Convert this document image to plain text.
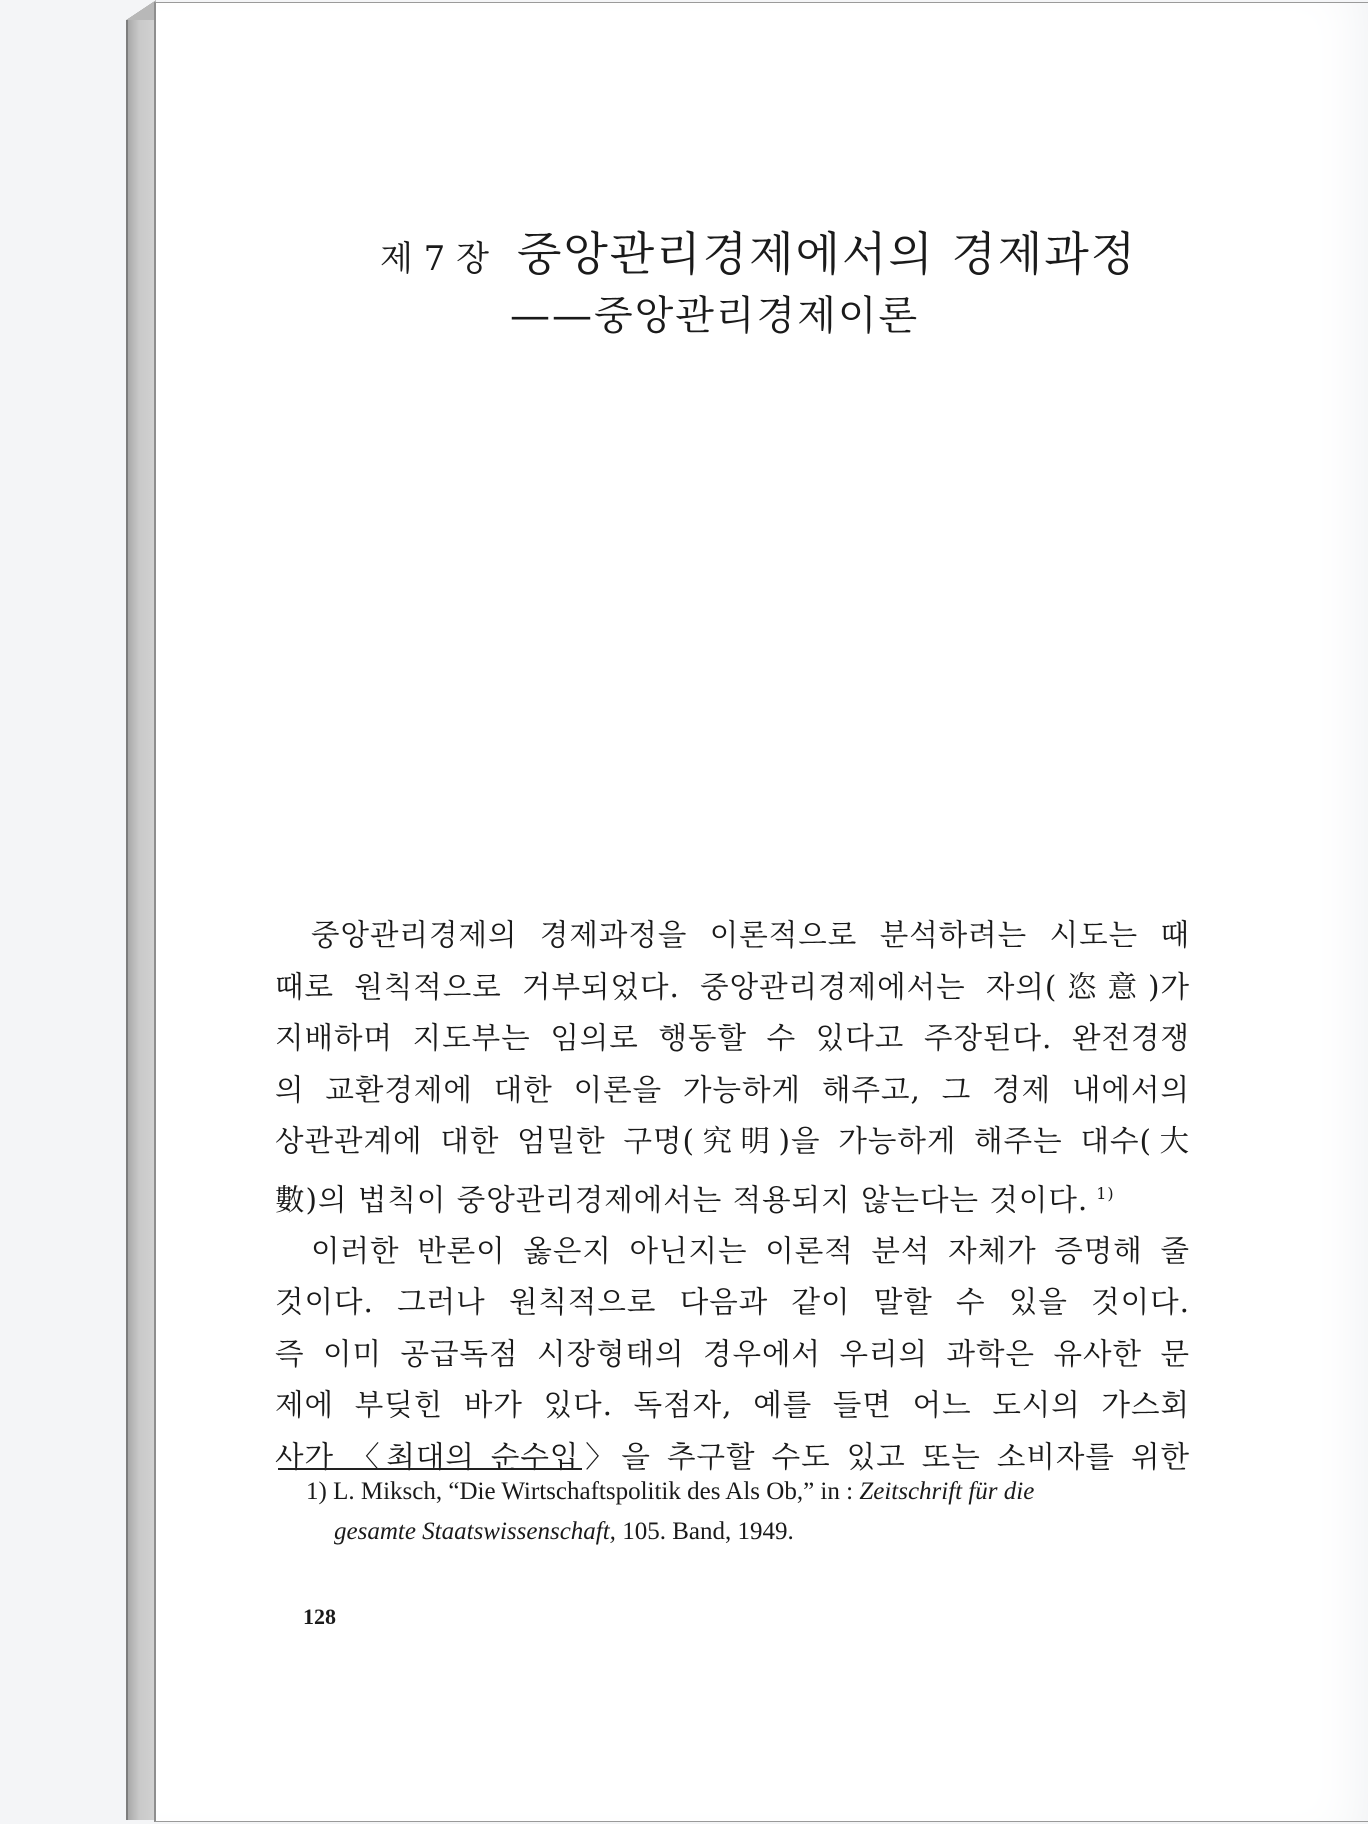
제 7 장 중앙관리경제에서의 경제과정
——중앙관리경제이론
중앙관리경제의 경제과정을 이론적으로 분석하려는 시도는 때
때로 원칙적으로 거부되었다. 중앙관리경제에서는 자의(恣意)가
지배하며 지도부는 임의로 행동할 수 있다고 주장된다. 완전경쟁
의 교환경제에 대한 이론을 가능하게 해주고, 그 경제 내에서의
상관관계에 대한 엄밀한 구명(究明)을 가능하게 해주는 대수(大
數)의 법칙이 중앙관리경제에서는 적용되지 않는다는 것이다. $^{1)}$
이러한 반론이 옳은지 아닌지는 이론적 분석 자체가 증명해 줄
것이다. 그러나 원칙적으로 다음과 같이 말할 수 있을 것이다.
즉 이미 공급독점 시장형태의 경우에서 우리의 과학은 유사한 문
제에 부딪힌 바가 있다. 독점자, 예를 들면 어느 도시의 가스회
사가 〈최대의 순수입〉을 추구할 수도 있고 또는 소비자를 위한
1) L. Miksch, “Die Wirtschaftspolitik des Als Ob,” in : Zeitschrift für die
gesamte Staatswissenschaft, 105. Band, 1949.
128
